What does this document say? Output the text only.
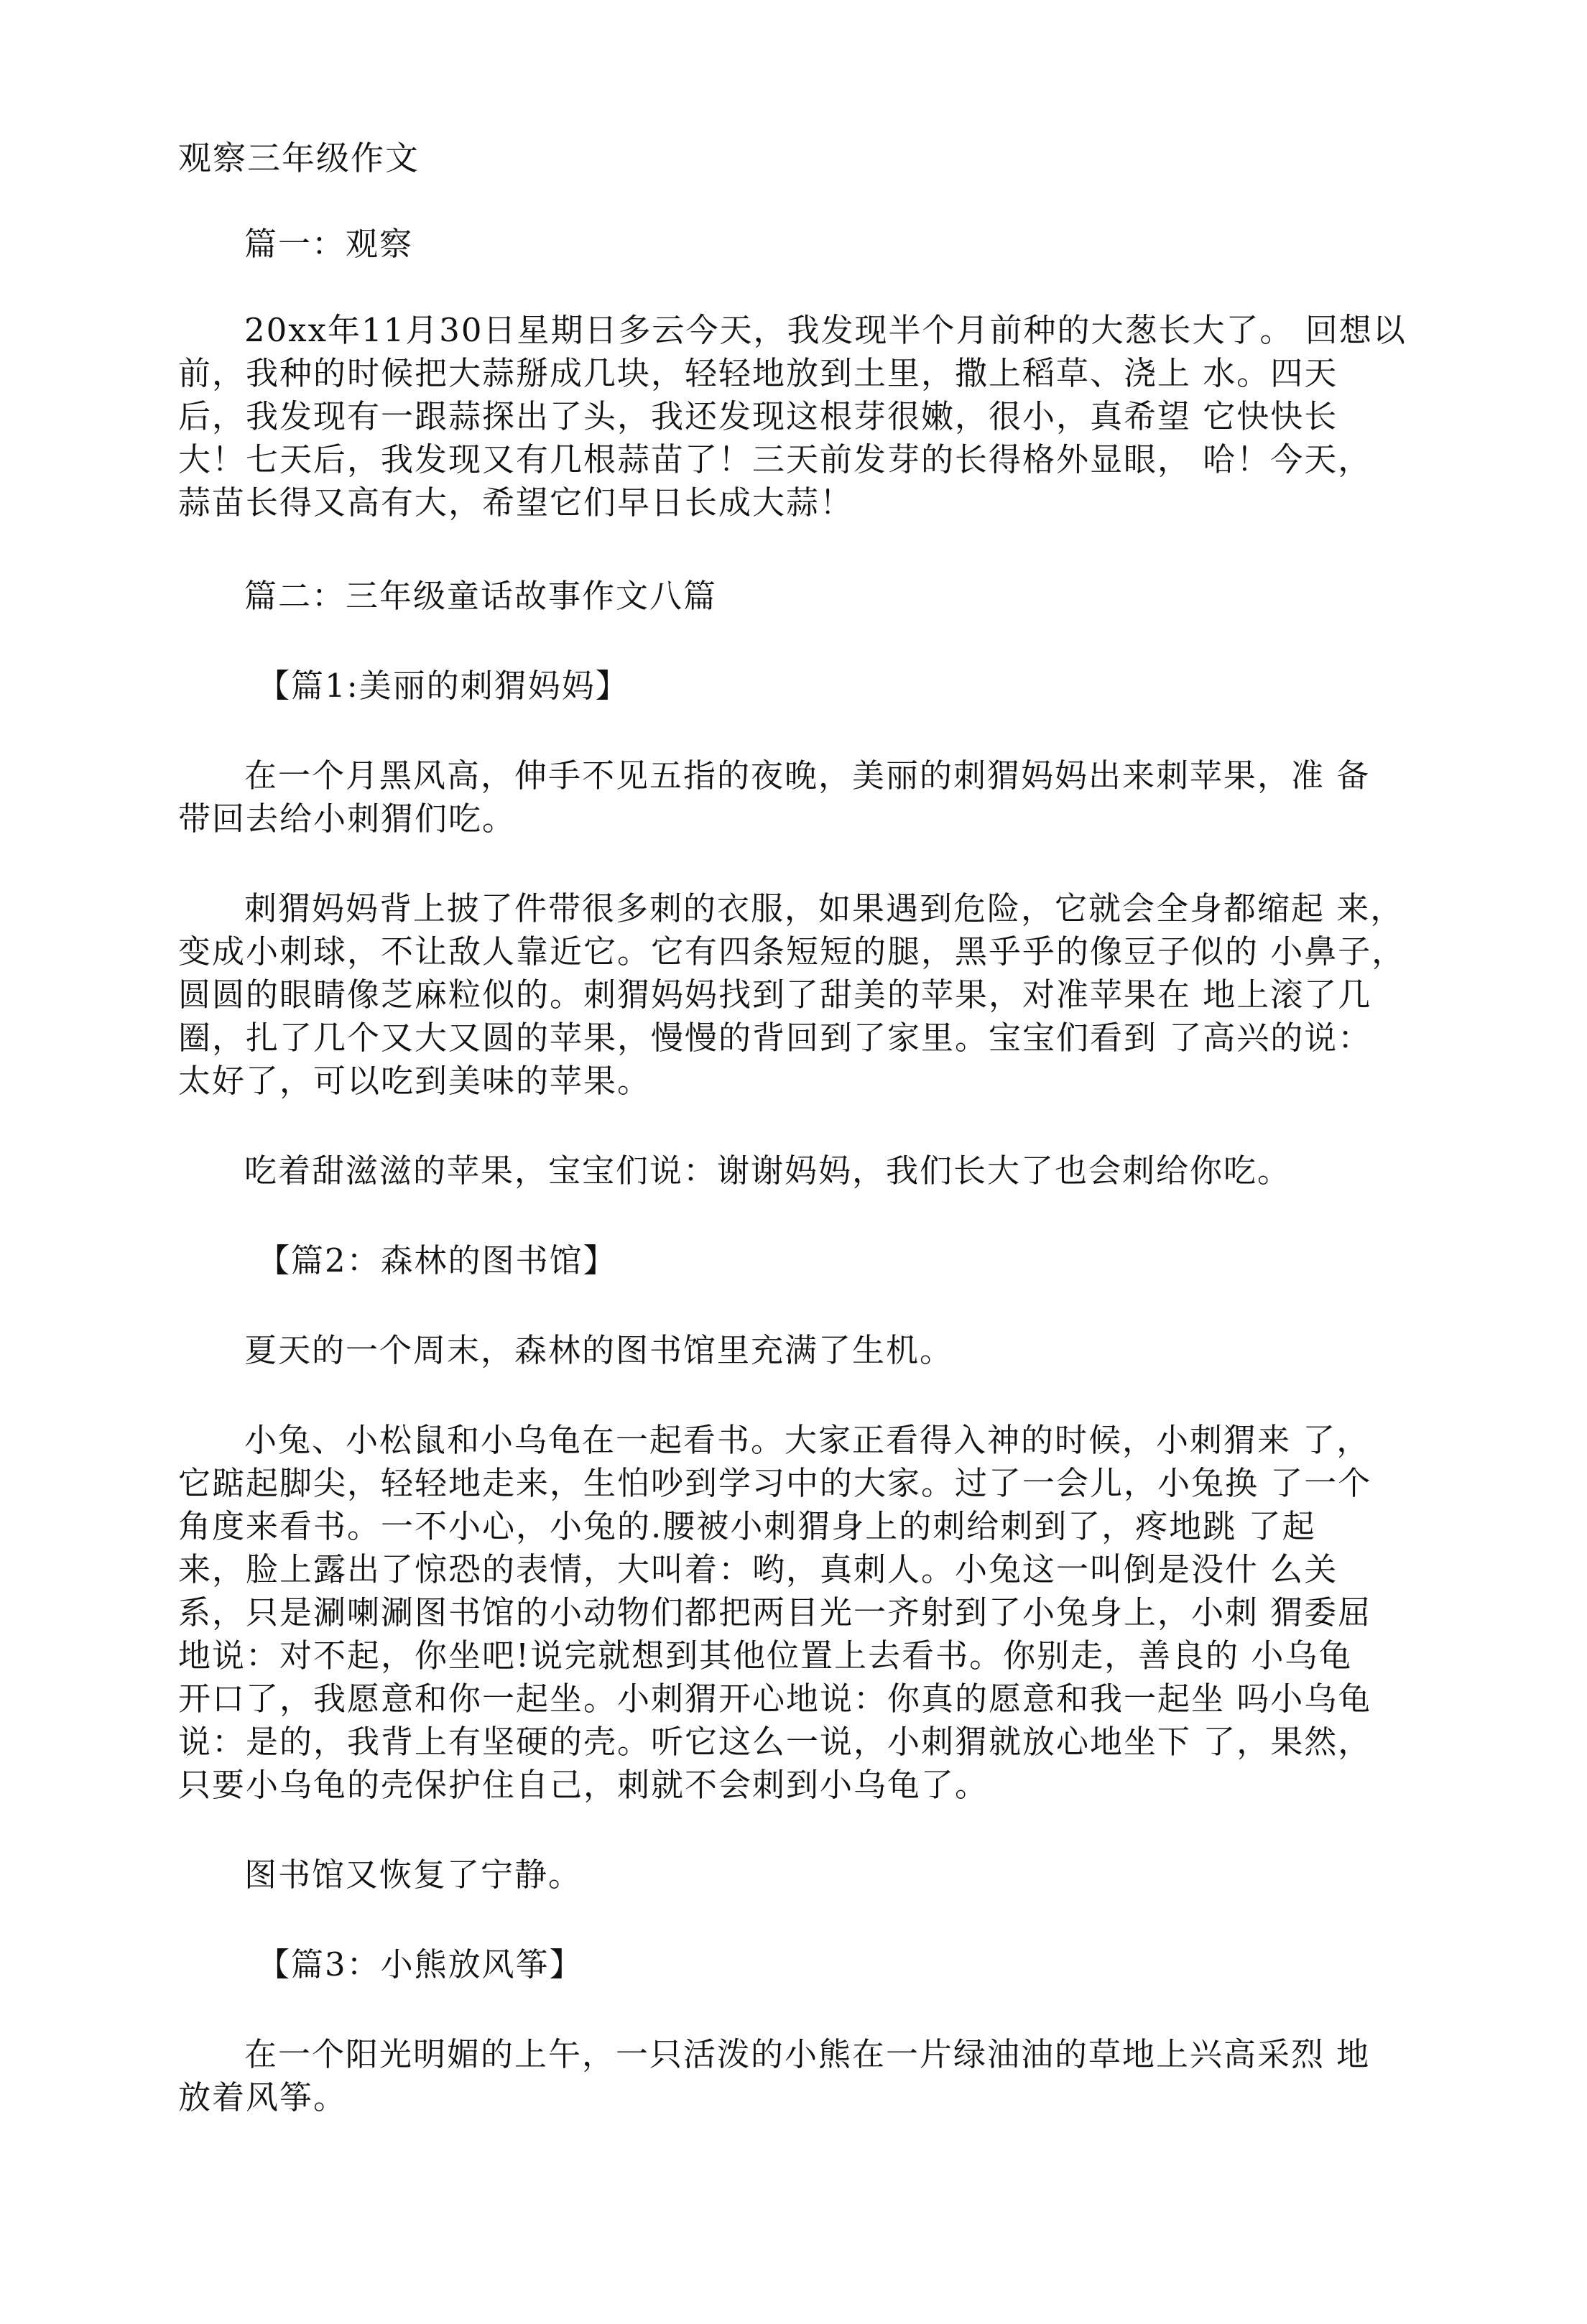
观察三年级作文
篇一：观察
20xx年11月30日星期日多云今天，我发现半个月前种的大葱长大了。 回想以
前，我种的时候把大蒜掰成几块，轻轻地放到土里，撒上稻草、浇上 水。四天
后，我发现有一跟蒜探出了头，我还发现这根芽很嫩，很小，真希望 它快快长
大！七天后，我发现又有几根蒜苗了！三天前发芽的长得格外显眼， 哈！今天，
蒜苗长得又高有大，希望它们早日长成大蒜！
篇二：三年级童话故事作文八篇
【篇1:美丽的刺猬妈妈】
在一个月黑风高，伸手不见五指的夜晚，美丽的刺猬妈妈出来刺苹果，准 备
带回去给小刺猬们吃。
刺猬妈妈背上披了件带很多刺的衣服，如果遇到危险，它就会全身都缩起 来，
变成小刺球，不让敌人靠近它。它有四条短短的腿，黑乎乎的像豆子似的 小鼻子，
圆圆的眼睛像芝麻粒似的。刺猬妈妈找到了甜美的苹果，对准苹果在 地上滚了几
圈，扎了几个又大又圆的苹果，慢慢的背回到了家里。宝宝们看到 了高兴的说：
太好了，可以吃到美味的苹果。
吃着甜滋滋的苹果，宝宝们说：谢谢妈妈，我们长大了也会刺给你吃。
【篇2：森林的图书馆】
夏天的一个周末，森林的图书馆里充满了生机。
小兔、小松鼠和小乌龟在一起看书。大家正看得入神的时候，小刺猬来 了，
它踮起脚尖，轻轻地走来，生怕吵到学习中的大家。过了一会儿，小兔换 了一个
角度来看书。一不小心，小兔的.腰被小刺猬身上的刺给刺到了，疼地跳 了起
来，脸上露出了惊恐的表情，大叫着：哟，真刺人。小兔这一叫倒是没什 么关
系，只是涮喇涮图书馆的小动物们都把两目光一齐射到了小兔身上，小刺 猬委屈
地说：对不起，你坐吧!说完就想到其他位置上去看书。你别走，善良的 小乌龟
开口了，我愿意和你一起坐。小刺猬开心地说：你真的愿意和我一起坐 吗小乌龟
说：是的，我背上有坚硬的壳。听它这么一说，小刺猬就放心地坐下 了，果然，
只要小乌龟的壳保护住自己，刺就不会刺到小乌龟了。
图书馆又恢复了宁静。
【篇3：小熊放风筝】
在一个阳光明媚的上午，一只活泼的小熊在一片绿油油的草地上兴高采烈 地
放着风筝。
